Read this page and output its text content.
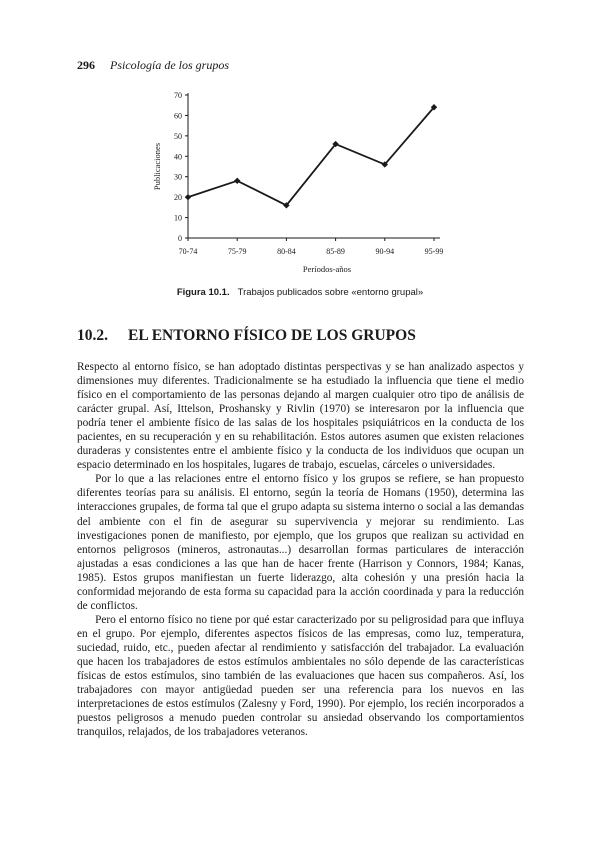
296 Psicología de los grupos
0
10
20
30
40
50
60
70
70-74	75-79	80-84	85-89	90-94	95-99
Publicaciones
Períodos-años
Figura 10.1. Trabajos publicados sobre «entorno grupal»
10.2. EL ENTORNO FÍSICO DE LOS GRUPOS

Respecto al entorno físico, se han adoptado distintas perspectivas y se han analizado aspectos y dimensiones muy diferentes. Tradicionalmente se ha estudiado la influencia que tiene el medio físico en el comportamiento de las personas dejando al margen cualquier otro tipo de análisis de carácter grupal. Así, Ittelson, Proshansky y Rivlin (1970) se interesaron por la influencia que podría tener el ambiente físico de las salas de los hospitales psiquiátricos en la conducta de los pacientes, en su recuperación y en su rehabilitación. Estos autores asumen que existen relaciones duraderas y consistentes entre el ambiente físico y la conducta de los individuos que ocupan un espacio determinado en los hospitales, lugares de trabajo, escuelas, cárceles o universidades.

Por lo que a las relaciones entre el entorno físico y los grupos se refiere, se han propuesto diferentes teorías para su análisis. El entorno, según la teoría de Homans (1950), determina las interacciones grupales, de forma tal que el grupo adapta su sistema interno o social a las demandas del ambiente con el fin de asegurar su supervivencia y mejorar su rendimiento. Las investigaciones ponen de manifiesto, por ejemplo, que los grupos que realizan su actividad en entornos peligrosos (mineros, astronautas...) desarrollan formas particulares de interacción ajustadas a esas condiciones a las que han de hacer frente (Harrison y Connors, 1984; Kanas, 1985). Estos grupos manifiestan un fuerte liderazgo, alta cohesión y una presión hacia la conformidad mejorando de esta forma su capacidad para la acción coordinada y para la reducción de conflictos.

Pero el entorno físico no tiene por qué estar caracterizado por su peligrosidad para que influya en el grupo. Por ejemplo, diferentes aspectos físicos de las empresas, como luz, temperatura, suciedad, ruido, etc., pueden afectar al rendimiento y satisfacción del trabajador. La evaluación que hacen los trabajadores de estos estímulos ambientales no sólo depende de las características físicas de estos estímulos, sino también de las evaluaciones que hacen sus compañeros. Así, los trabajadores con mayor antigüedad pueden ser una referencia para los nuevos en las interpretaciones de estos estímulos (Zalesny y Ford, 1990). Por ejemplo, los recién incorporados a puestos peligrosos a menudo pueden controlar su ansiedad observando los comportamientos tranquilos, relajados, de los trabajadores veteranos.
